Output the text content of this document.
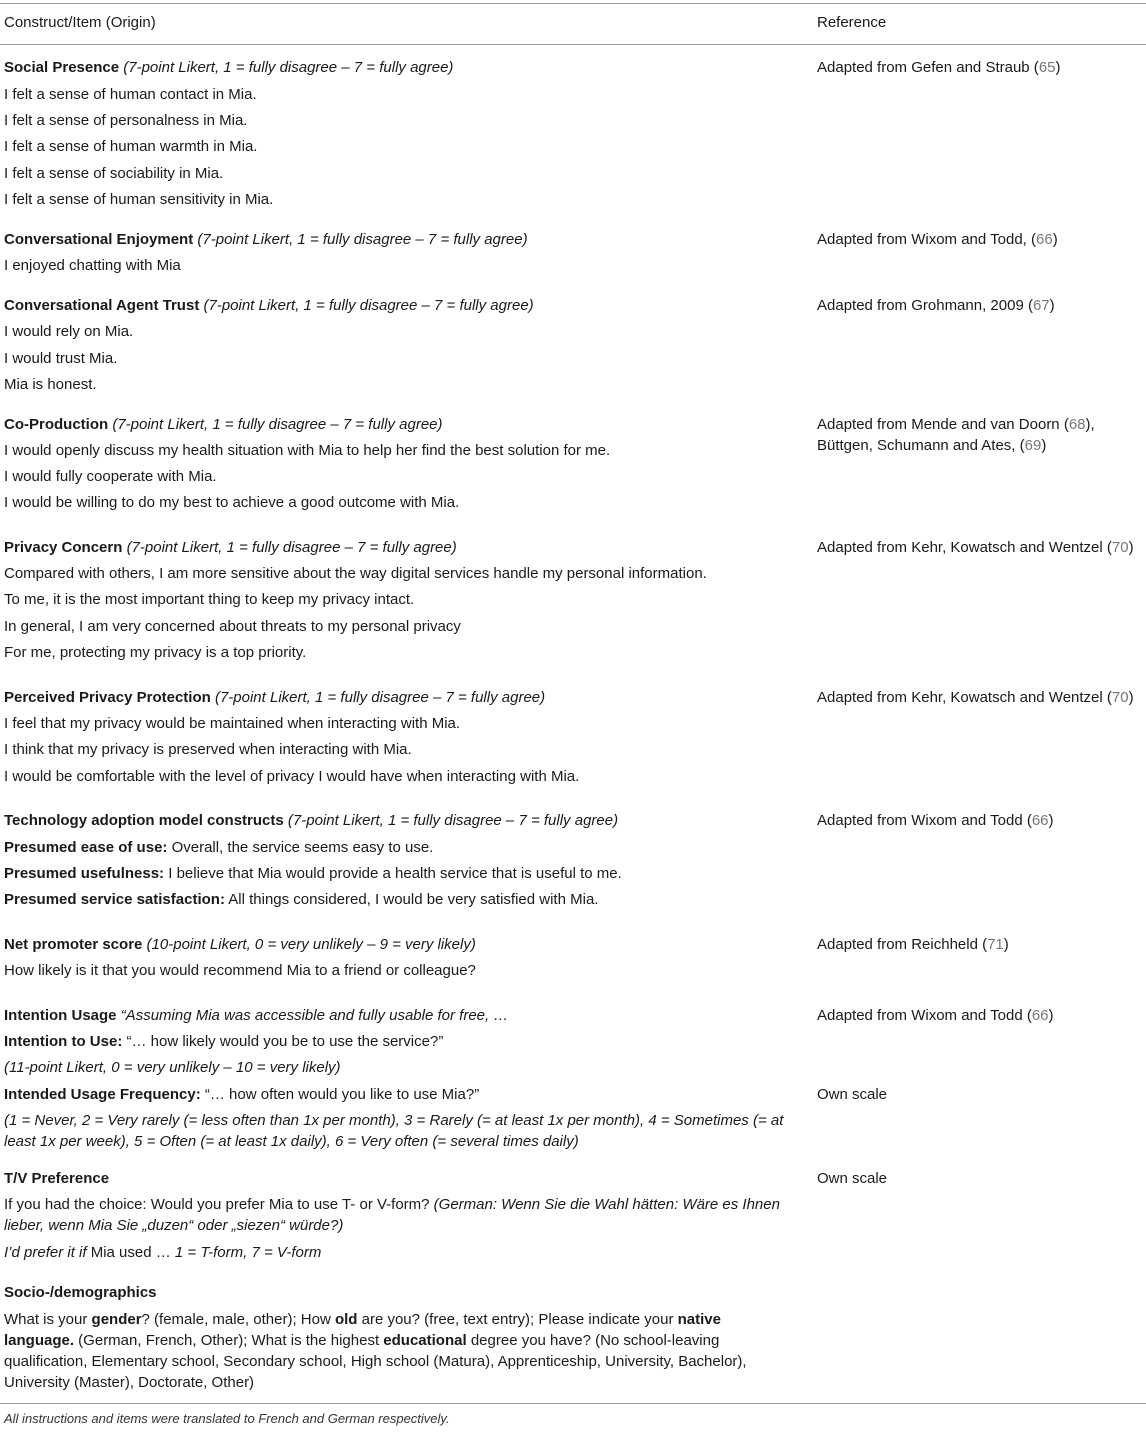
Construct/Item (Origin)	Reference
Social Presence (7-point Likert, 1 = fully disagree – 7 = fully agree)
I felt a sense of human contact in Mia.
I felt a sense of personalness in Mia.
I felt a sense of human warmth in Mia.
I felt a sense of sociability in Mia.
I felt a sense of human sensitivity in Mia.
Adapted from Gefen and Straub (65)
Conversational Enjoyment (7-point Likert, 1 = fully disagree – 7 = fully agree)
I enjoyed chatting with Mia
Adapted from Wixom and Todd, (66)
Conversational Agent Trust (7-point Likert, 1 = fully disagree – 7 = fully agree)
I would rely on Mia.
I would trust Mia.
Mia is honest.
Adapted from Grohmann, 2009 (67)
Co-Production (7-point Likert, 1 = fully disagree – 7 = fully agree)
I would openly discuss my health situation with Mia to help her find the best solution for me.
I would fully cooperate with Mia.
I would be willing to do my best to achieve a good outcome with Mia.
Adapted from Mende and van Doorn (68),
Büttgen, Schumann and Ates, (69)
Privacy Concern (7-point Likert, 1 = fully disagree – 7 = fully agree)
Compared with others, I am more sensitive about the way digital services handle my personal information.
To me, it is the most important thing to keep my privacy intact.
In general, I am very concerned about threats to my personal privacy
For me, protecting my privacy is a top priority.
Adapted from Kehr, Kowatsch and Wentzel (70)
Perceived Privacy Protection (7-point Likert, 1 = fully disagree – 7 = fully agree)
I feel that my privacy would be maintained when interacting with Mia.
I think that my privacy is preserved when interacting with Mia.
I would be comfortable with the level of privacy I would have when interacting with Mia.
Adapted from Kehr, Kowatsch and Wentzel (70)
Technology adoption model constructs (7-point Likert, 1 = fully disagree – 7 = fully agree)
Presumed ease of use: Overall, the service seems easy to use.
Presumed usefulness: I believe that Mia would provide a health service that is useful to me.
Presumed service satisfaction: All things considered, I would be very satisfied with Mia.
Adapted from Wixom and Todd (66)
Net promoter score (10-point Likert, 0 = very unlikely – 9 = very likely)
How likely is it that you would recommend Mia to a friend or colleague?
Adapted from Reichheld (71)
Intention Usage “Assuming Mia was accessible and fully usable for free, …
Intention to Use: “… how likely would you be to use the service?”
(11-point Likert, 0 = very unlikely – 10 = very likely)
Intended Usage Frequency: “… how often would you like to use Mia?”
(1 = Never, 2 = Very rarely (= less often than 1x per month), 3 = Rarely (= at least 1x per month), 4 = Sometimes (= at least 1x per week), 5 = Often (= at least 1x daily), 6 = Very often (= several times daily)
Adapted from Wixom and Todd (66)
Own scale
T/V Preference
If you had the choice: Would you prefer Mia to use T- or V-form? (German: Wenn Sie die Wahl hätten: Wäre es Ihnen lieber, wenn Mia Sie „duzen“ oder „siezen“ würde?)
I’d prefer it if Mia used … 1 = T-form, 7 = V-form
Own scale
Socio-/demographics
What is your gender? (female, male, other); How old are you? (free, text entry); Please indicate your native language. (German, French, Other); What is the highest educational degree you have? (No school-leaving qualification, Elementary school, Secondary school, High school (Matura), Apprenticeship, University, Bachelor), University (Master), Doctorate, Other)
All instructions and items were translated to French and German respectively.
